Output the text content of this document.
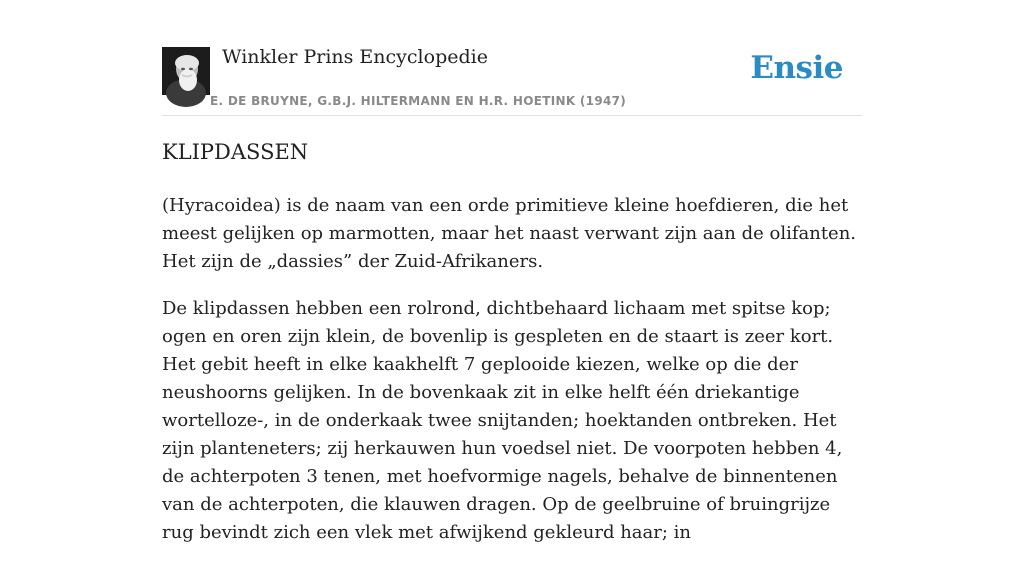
Winkler Prins Encyclopedie
E. DE BRUYNE, G.B.J. HILTERMANN EN H.R. HOETINK (1947)
Ensie
KLIPDASSEN

(Hyracoidea) is de naam van een orde primitieve kleine hoefdieren, die het meest gelijken op marmotten, maar het naast verwant zijn aan de olifanten. Het zijn de „dassies” der Zuid-Afrikaners.

De klipdassen hebben een rolrond, dichtbehaard lichaam met spitse kop; ogen en oren zijn klein, de bovenlip is gespleten en de staart is zeer kort. Het gebit heeft in elke kaakhelft 7 geplooide kiezen, welke op die der neushoorns gelijken. In de bovenkaak zit in elke helft één driekantige wortelloze-, in de onderkaak twee snijtanden; hoektanden ontbreken. Het zijn planteneters; zij herkauwen hun voedsel niet. De voorpoten hebben 4, de achterpoten 3 tenen, met hoefvormige nagels, behalve de binnentenen van de achterpoten, die klauwen dragen. Op de geelbruine of bruingrijze rug bevindt zich een vlek met afwijkend gekleurd haar; in
